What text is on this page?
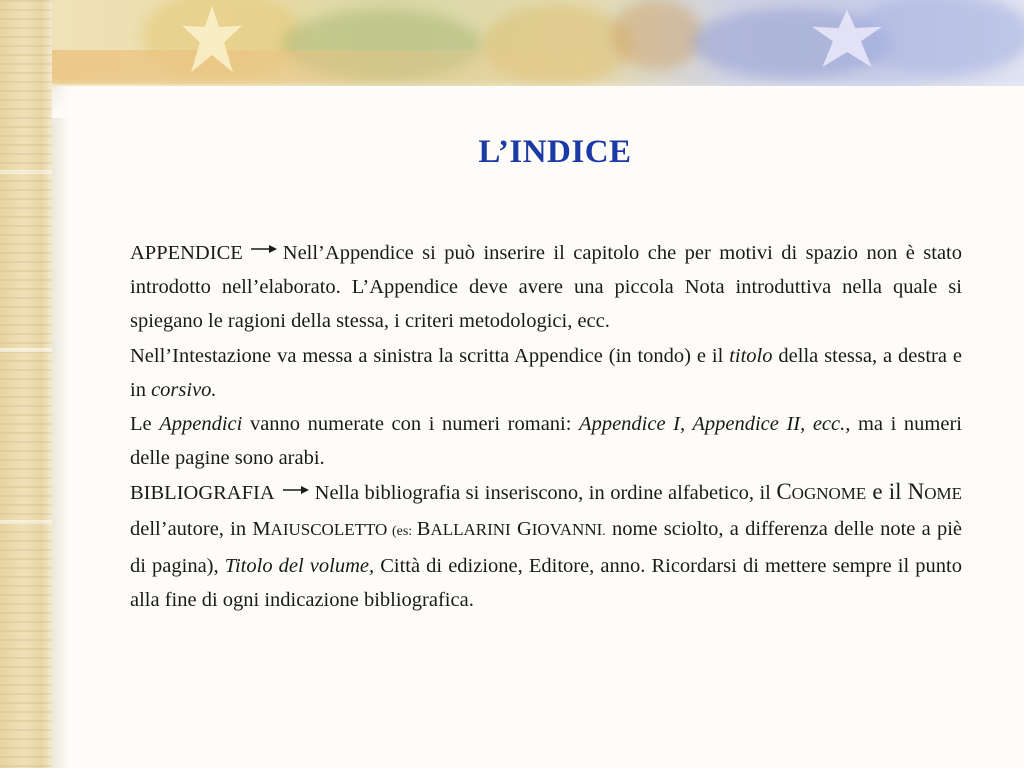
L’INDICE

APPENDICE Nell’Appendice si può inserire il capitolo che per motivi di spazio non è stato introdotto nell’elaborato. L’Appendice deve avere una piccola Nota introduttiva nella quale si spiegano le ragioni della stessa, i criteri metodologici, ecc.

Nell’Intestazione va messa a sinistra la scritta Appendice (in tondo) e il titolo della stessa, a destra e in corsivo.

Le Appendici vanno numerate con i numeri romani: Appendice I, Appendice II, ecc., ma i numeri delle pagine sono arabi.

BIBLIOGRAFIA Nella bibliografia si inseriscono, in ordine alfabetico, il COGNOME e il NOME dell’autore, in MAIUSCOLETTO (es: BALLARINI GIOVANNI. nome sciolto, a differenza delle note a piè di pagina), Titolo del volume, Città di edizione, Editore, anno. Ricordarsi di mettere sempre il punto alla fine di ogni indicazione bibliografica.
